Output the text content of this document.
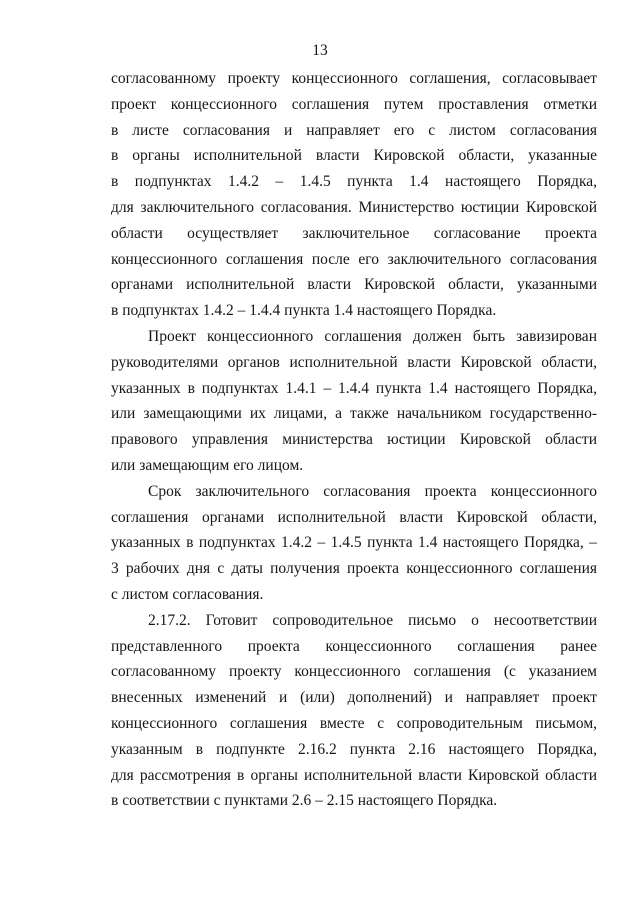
13

согласованному проекту концессионного соглашения, согласовывает
проект концессионного соглашения путем проставления отметки
в листе согласования и направляет его с листом согласования
в органы исполнительной власти Кировской области, указанные
в подпунктах 1.4.2 – 1.4.5 пункта 1.4 настоящего Порядка,
для заключительного согласования. Министерство юстиции Кировской
области осуществляет заключительное согласование проекта
концессионного соглашения после его заключительного согласования
органами исполнительной власти Кировской области, указанными
в подпунктах 1.4.2 – 1.4.4 пункта 1.4 настоящего Порядка.

Проект концессионного соглашения должен быть завизирован
руководителями органов исполнительной власти Кировской области,
указанных в подпунктах 1.4.1 – 1.4.4 пункта 1.4 настоящего Порядка,
или замещающими их лицами, а также начальником государственно-
правового управления министерства юстиции Кировской области
или замещающим его лицом.

Срок заключительного согласования проекта концессионного
соглашения органами исполнительной власти Кировской области,
указанных в подпунктах 1.4.2 – 1.4.5 пункта 1.4 настоящего Порядка, –
3 рабочих дня с даты получения проекта концессионного соглашения
с листом согласования.

2.17.2. Готовит сопроводительное письмо о несоответствии
представленного проекта концессионного соглашения ранее
согласованному проекту концессионного соглашения (с указанием
внесенных изменений и (или) дополнений) и направляет проект
концессионного соглашения вместе с сопроводительным письмом,
указанным в подпункте 2.16.2 пункта 2.16 настоящего Порядка,
для рассмотрения в органы исполнительной власти Кировской области
в соответствии с пунктами 2.6 – 2.15 настоящего Порядка.
